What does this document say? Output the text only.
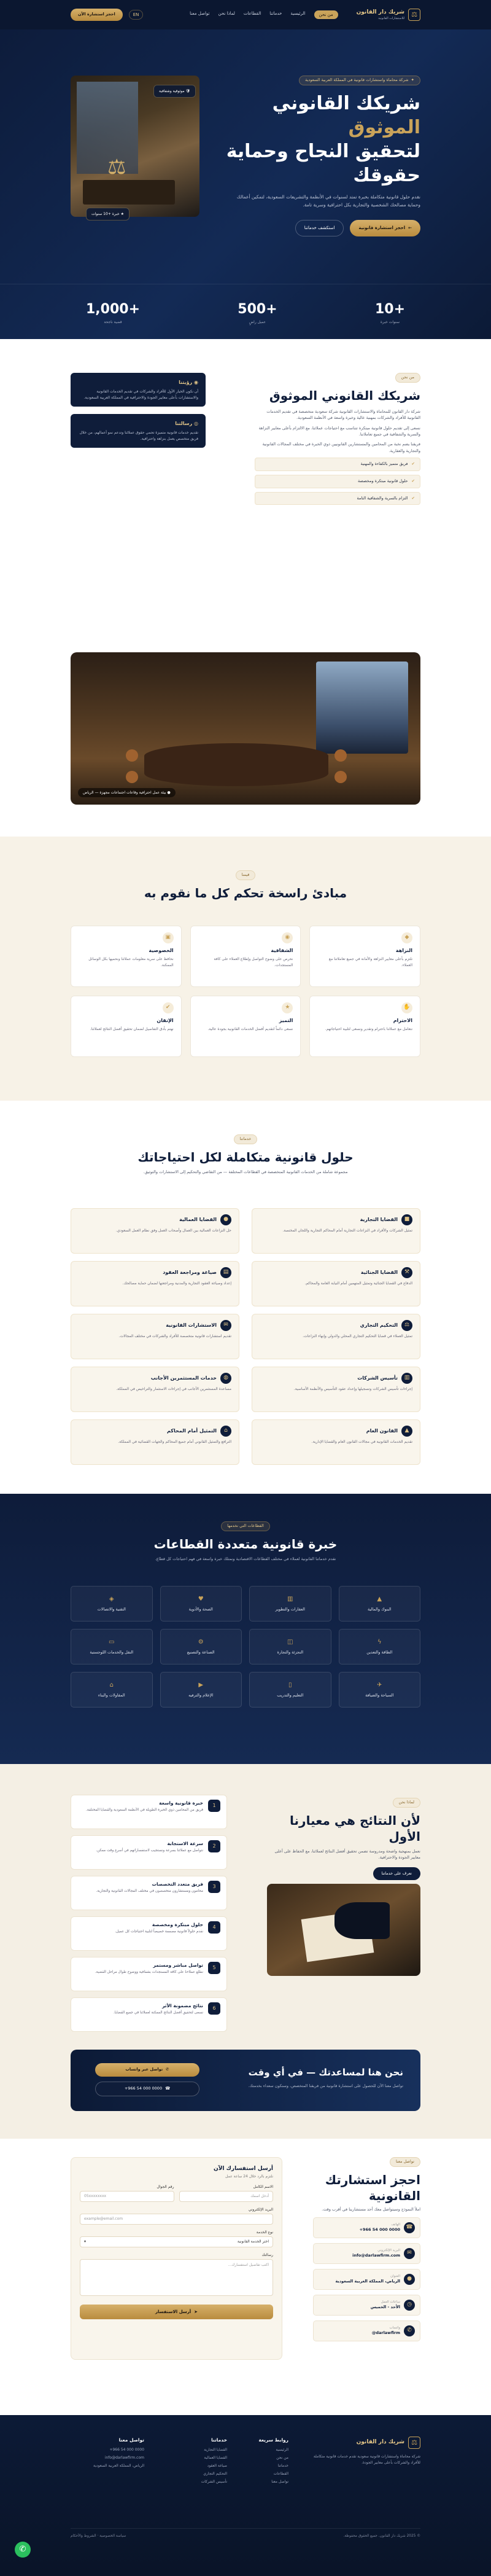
⚖
شريك دار القانون
للاستشارات القانونية
من نحن
الرئيسية
خدماتنا
القطاعات
لماذا نحن
تواصل معنا
EN
احجز استشارة الآن
✦
شركة محاماة واستشارات قانونية في المملكة العربية السعودية
شريكك القانوني الموثوق
لتحقيق النجاح وحماية حقوقك
نقدم حلول قانونية متكاملة بخبرة تمتد لسنوات في الأنظمة والتشريعات السعودية، لتمكين أعمالك وحماية مصالحك الشخصية والتجارية بكل احترافية وسرية تامة.
←
احجز استشارة قانونية
استكشف خدماتنا
⚖
🛡 موثوقية وشفافية
★ خبرة +10 سنوات
+10
سنوات خبرة
+500
عميل راضٍ
+1,000
قضية ناجحة
من نحن
شريكك القانوني الموثوق

شركة دار القانون للمحاماة والاستشارات القانونية شركة سعودية متخصصة في تقديم الخدمات القانونية للأفراد والشركات بمهنية عالية وخبرة واسعة في الأنظمة السعودية.

نسعى إلى تقديم حلول قانونية مبتكرة تتناسب مع احتياجات عملائنا، مع الالتزام بأعلى معايير النزاهة والسرية والشفافية في جميع تعاملاتنا.

فريقنا يضم نخبة من المحامين والمستشارين القانونيين ذوي الخبرة في مختلف المجالات القانونية والتجارية والعقارية.

✔
فريق متميز بالكفاءة والمهنية
✔
حلول قانونية مبتكرة ومخصصة
✔
التزام بالسرية والشفافية التامة
◉ رؤيتنا
أن نكون الخيار الأول للأفراد والشركات في تقديم الخدمات القانونية والاستشارات بأعلى معايير الجودة والاحترافية في المملكة العربية السعودية.
◎ رسالتنا
تقديم خدمات قانونية متميزة تحمي حقوق عملائنا وتدعم نمو أعمالهم، من خلال فريق متخصص يعمل بنزاهة واحترافية.
● بيئة عمل احترافية وقاعات اجتماعات مجهزة — الرياض
قيمنا
مبادئ راسخة تحكم كل ما نقوم به
◆
النزاهة
نلتزم بأعلى معايير النزاهة والأمانة في جميع تعاملاتنا مع العملاء.
◉
الشفافية
نحرص على وضوح التواصل وإطلاع العملاء على كافة المستجدات.
▣
الخصوصية
نحافظ على سرية معلومات عملائنا ونحميها بكل الوسائل الممكنة.
✋
الاحترام
نتعامل مع عملائنا باحترام وتقدير ونسعى لتلبية احتياجاتهم.
★
التميز
نسعى دائماً لتقديم أفضل الخدمات القانونية بجودة عالية.
✔
الإتقان
نهتم بأدق التفاصيل لضمان تحقيق أفضل النتائج لعملائنا.
خدماتنا
حلول قانونية متكاملة لكل احتياجاتك

مجموعة شاملة من الخدمات القانونية المتخصصة في القطاعات المختلفة — من التقاضي والتحكيم إلى الاستشارات والتوثيق.

■
القضايا التجارية
تمثيل الشركات والأفراد في النزاعات التجارية أمام المحاكم التجارية واللجان المختصة.
●
القضايا العمالية
حل النزاعات العمالية بين العمال وأصحاب العمل وفق نظام العمل السعودي.
⚒
القضايا الجنائية
الدفاع في القضايا الجنائية وتمثيل المتهمين أمام النيابة العامة والمحاكم.
▤
صياغة ومراجعة العقود
إعداد وصياغة العقود التجارية والمدنية ومراجعتها لضمان حماية مصالحك.
⚖
التحكيم التجاري
تمثيل العملاء في قضايا التحكيم التجاري المحلي والدولي وإنهاء النزاعات.
✉
الاستشارات القانونية
تقديم استشارات قانونية متخصصة للأفراد والشركات في مختلف المجالات.
▥
تأسيس الشركات
إجراءات تأسيس الشركات وتسجيلها وإعداد عقود التأسيس والأنظمة الأساسية.
◍
خدمات المستثمرين الأجانب
مساعدة المستثمرين الأجانب في إجراءات الاستثمار والتراخيص في المملكة.
▲
القانون العام
تقديم الخدمات القانونية في مجالات القانون العام والقضايا الإدارية.
⌂
التمثيل أمام المحاكم
الترافع والتمثيل القانوني أمام جميع المحاكم والجهات القضائية في المملكة.
القطاعات التي نخدمها
خبرة قانونية متعددة القطاعات

نقدم خدماتنا القانونية لعملاء في مختلف القطاعات الاقتصادية ونمتلك خبرة واسعة في فهم احتياجات كل قطاع.

▲
البنوك والمالية
▥
العقارات والتطوير
♥
الصحة والأدوية
◈
التقنية والاتصالات
ϟ
الطاقة والتعدين
◫
التجزئة والتجارة
⚙
الصناعة والتصنيع
▭
النقل والخدمات اللوجستية
✈
السياحة والضيافة
▯
التعليم والتدريب
▶
الإعلام والترفيه
⌂
المقاولات والبناء
لماذا نحن
لأن النتائج هي معيارنا الأول

نعمل بمنهجية واضحة ومدروسة تضمن تحقيق أفضل النتائج لعملائنا، مع الحفاظ على أعلى معايير الجودة والاحترافية.

تعرف على خدماتنا
1
خبرة قانونية واسعة
فريق من المحامين ذوي الخبرة الطويلة في الأنظمة السعودية والقضايا المختلفة.
2
سرعة الاستجابة
نتواصل مع عملائنا بسرعة ونستجيب لاستفساراتهم في أسرع وقت ممكن.
3
فريق متعدد التخصصات
محامون ومستشارون متخصصون في مختلف المجالات القانونية والتجارية.
4
حلول مبتكرة ومخصصة
نقدم حلولاً قانونية مصممة خصيصاً لتلبية احتياجات كل عميل.
5
تواصل مباشر ومستمر
نطلع عملاءنا على كافة المستجدات بشفافية ووضوح طوال مراحل القضية.
6
نتائج مضمونة الأثر
نسعى لتحقيق أفضل النتائج الممكنة لعملائنا في جميع القضايا.
نحن هنا لمساعدتك — في أي وقت
تواصل معنا الآن للحصول على استشارة قانونية من فريقنا المتخصص، وسنكون سعداء بخدمتك.
✆
تواصل عبر واتساب
☎
+966 54 000 0000
تواصل معنا
احجز استشارتك القانونية

املأ النموذج وسيتواصل معك أحد مستشارينا في أقرب وقت.

☎
الهاتف
+966 54 000 0000
✉
البريد الإلكتروني
info@darlawfirm.com
●
العنوان
الرياض، المملكة العربية السعودية
◷
ساعات العمل
الأحد - الخميس
✆
واتساب
@darlawfirm
أرسل استفسارك الآن
نلتزم بالرد خلال 24 ساعة عمل
الاسم الكامل
أدخل اسمك
رقم الجوال
05xxxxxxxx
البريد الإلكتروني
example@email.com
نوع الخدمة
اختر الخدمة القانونية
▾
رسالتك
اكتب تفاصيل استفسارك...
➤
أرسل الاستفسار
⚖
شريك دار القانون
شركة محاماة واستشارات قانونية سعودية تقدم خدمات قانونية متكاملة للأفراد والشركات بأعلى معايير الجودة.
روابط سريعة
الرئيسية
من نحن
خدماتنا
القطاعات
تواصل معنا
خدماتنا
القضايا التجارية
القضايا العمالية
صياغة العقود
التحكيم التجاري
تأسيس الشركات
تواصل معنا
+966 54 000 0000
info@darlawfirm.com
الرياض، المملكة العربية السعودية
© 2025 شريك دار القانون. جميع الحقوق محفوظة.
سياسة الخصوصية · الشروط والأحكام
✆
